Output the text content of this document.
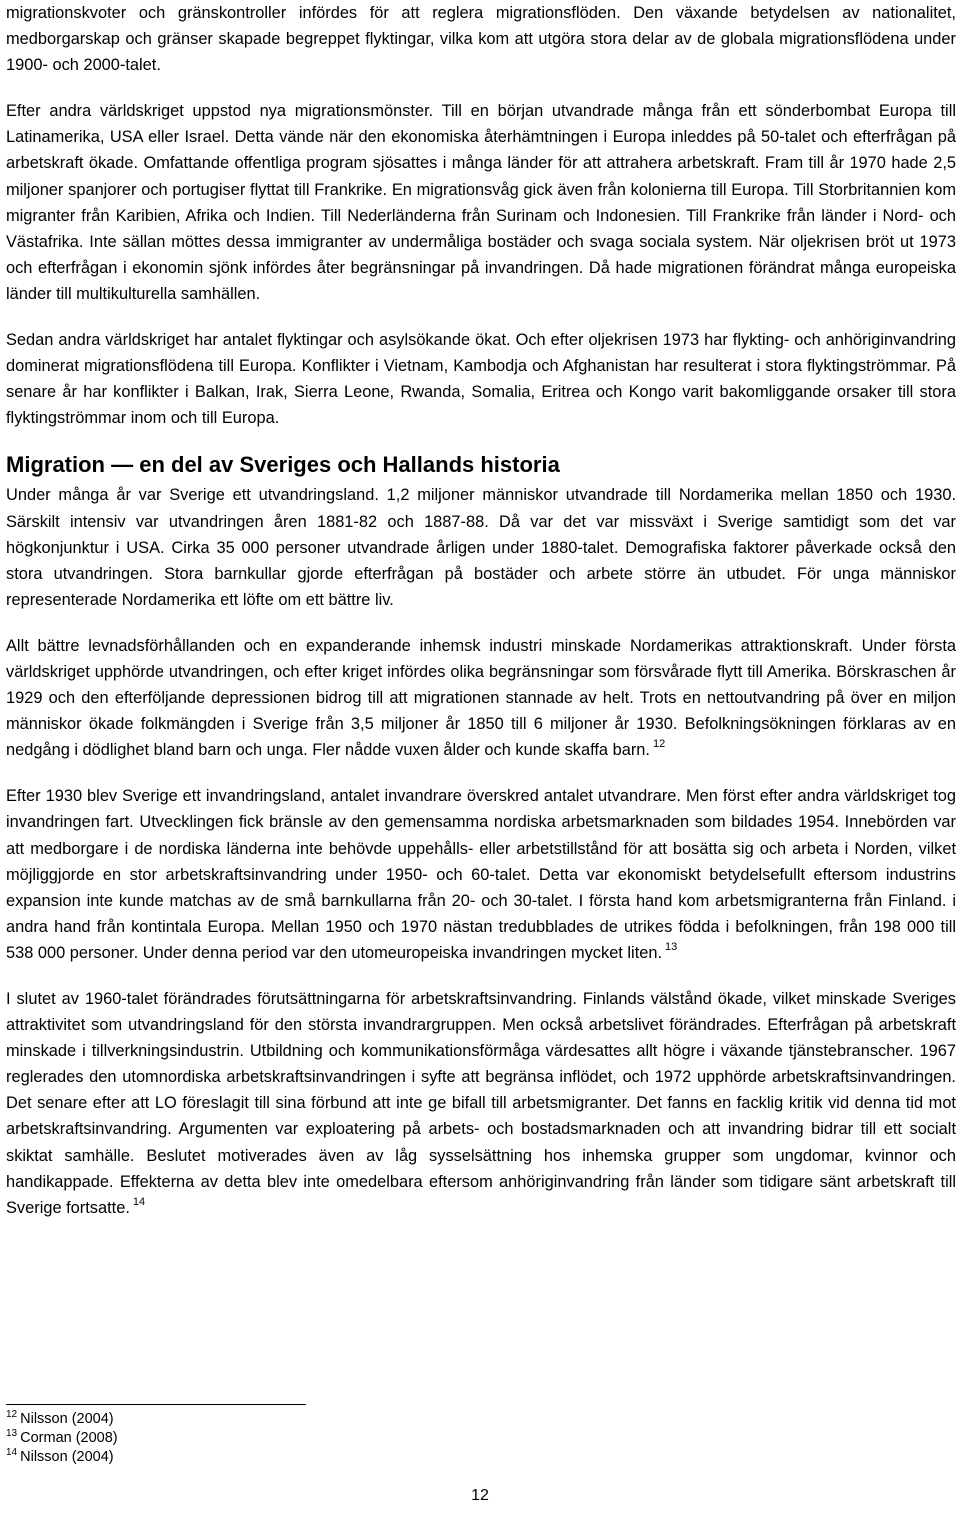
migrationskvoter och gränskontroller infördes för att reglera migrationsflöden. Den växande betydelsen av nationalitet, medborgarskap och gränser skapade begreppet flyktingar, vilka kom att utgöra stora delar av de globala migrationsflödena under 1900- och 2000-talet.

Efter andra världskriget uppstod nya migrationsmönster. Till en början utvandrade många från ett sönderbombat Europa till Latinamerika, USA eller Israel. Detta vände när den ekonomiska återhämtningen i Europa inleddes på 50-talet och efterfrågan på arbetskraft ökade. Omfattande offentliga program sjösattes i många länder för att attrahera arbetskraft. Fram till år 1970 hade 2,5 miljoner spanjorer och portugiser flyttat till Frankrike. En migrationsvåg gick även från kolonierna till Europa. Till Storbritannien kom migranter från Karibien, Afrika och Indien. Till Nederländerna från Surinam och Indonesien. Till Frankrike från länder i Nord- och Västafrika. Inte sällan möttes dessa immigranter av undermåliga bostäder och svaga sociala system. När oljekrisen bröt ut 1973 och efterfrågan i ekonomin sjönk infördes åter begränsningar på invandringen. Då hade migrationen förändrat många europeiska länder till multikulturella samhällen.

Sedan andra världskriget har antalet flyktingar och asylsökande ökat. Och efter oljekrisen 1973 har flykting- och anhöriginvandring dominerat migrationsflödena till Europa. Konflikter i Vietnam, Kambodja och Afghanistan har resulterat i stora flyktingströmmar. På senare år har konflikter i Balkan, Irak, Sierra Leone, Rwanda, Somalia, Eritrea och Kongo varit bakomliggande orsaker till stora flyktingströmmar inom och till Europa.

Migration — en del av Sveriges och Hallands historia

Under många år var Sverige ett utvandringsland. 1,2 miljoner människor utvandrade till Nordamerika mellan 1850 och 1930. Särskilt intensiv var utvandringen åren 1881-82 och 1887-88. Då var det var missväxt i Sverige samtidigt som det var högkonjunktur i USA. Cirka 35 000 personer utvandrade årligen under 1880-talet. Demografiska faktorer påverkade också den stora utvandringen. Stora barnkullar gjorde efterfrågan på bostäder och arbete större än utbudet. För unga människor representerade Nordamerika ett löfte om ett bättre liv.

Allt bättre levnadsförhållanden och en expanderande inhemsk industri minskade Nordamerikas attraktionskraft. Under första världskriget upphörde utvandringen, och efter kriget infördes olika begränsningar som försvårade flytt till Amerika. Börskraschen år 1929 och den efterföljande depressionen bidrog till att migrationen stannade av helt. Trots en nettoutvandring på över en miljon människor ökade folkmängden i Sverige från 3,5 miljoner år 1850 till 6 miljoner år 1930. Befolkningsökningen förklaras av en nedgång i dödlighet bland barn och unga. Fler nådde vuxen ålder och kunde skaffa barn. $^{12}$

Efter 1930 blev Sverige ett invandringsland, antalet invandrare överskred antalet utvandrare. Men först efter andra världskriget tog invandringen fart. Utvecklingen fick bränsle av den gemensamma nordiska arbetsmarknaden som bildades 1954. Innebörden var att medborgare i de nordiska länderna inte behövde uppehålls- eller arbetstillstånd för att bosätta sig och arbeta i Norden, vilket möjliggjorde en stor arbetskraftsinvandring under 1950- och 60-talet. Detta var ekonomiskt betydelsefullt eftersom industrins expansion inte kunde matchas av de små barnkullarna från 20- och 30-talet. I första hand kom arbetsmigranterna från Finland. i andra hand från kontintala Europa. Mellan 1950 och 1970 nästan tredubblades de utrikes födda i befolkningen, från 198 000 till 538 000 personer. Under denna period var den utomeuropeiska invandringen mycket liten. $^{13}$

I slutet av 1960-talet förändrades förutsättningarna för arbetskraftsinvandring. Finlands välstånd ökade, vilket minskade Sveriges attraktivitet som utvandringsland för den största invandrargruppen. Men också arbetslivet förändrades. Efterfrågan på arbetskraft minskade i tillverkningsindustrin. Utbildning och kommunikationsförmåga värdesattes allt högre i växande tjänstebranscher. 1967 reglerades den utomnordiska arbetskraftsinvandringen i syfte att begränsa inflödet, och 1972 upphörde arbetskraftsinvandringen. Det senare efter att LO föreslagit till sina förbund att inte ge bifall till arbetsmigranter. Det fanns en facklig kritik vid denna tid mot arbetskraftsinvandring. Argumenten var exploatering på arbets- och bostadsmarknaden och att invandring bidrar till ett socialt skiktat samhälle. Beslutet motiverades även av låg sysselsättning hos inhemska grupper som ungdomar, kvinnor och handikappade. Effekterna av detta blev inte omedelbara eftersom anhöriginvandring från länder som tidigare sänt arbetskraft till Sverige fortsatte. $^{14}$

$^{12}$ Nilsson (2004)
$^{13}$ Corman (2008)
$^{14}$ Nilsson (2004)
12
